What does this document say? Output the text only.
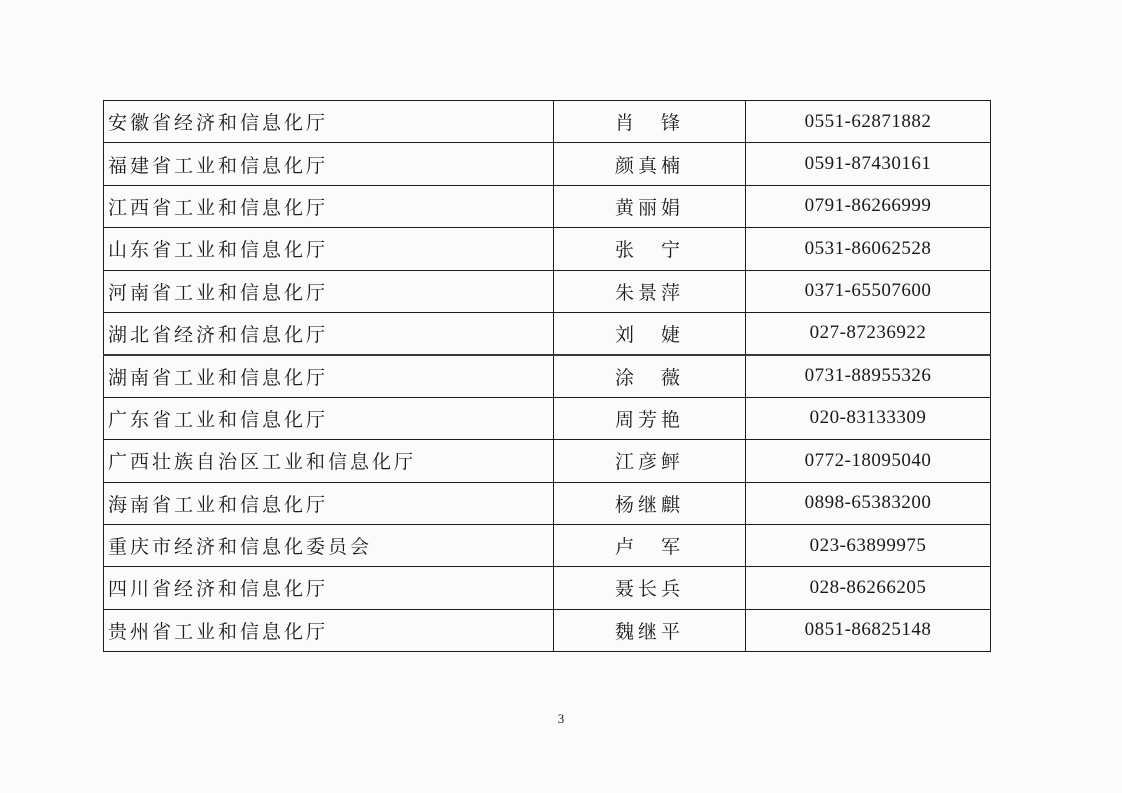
安徽省经济和信息化厅	肖　锋	0551-62871882
福建省工业和信息化厅	颜真楠	0591-87430161
江西省工业和信息化厅	黄丽娟	0791-86266999
山东省工业和信息化厅	张　宁	0531-86062528
河南省工业和信息化厅	朱景萍	0371-65507600
湖北省经济和信息化厅	刘　婕	027-87236922
湖南省工业和信息化厅	涂　薇	0731-88955326
广东省工业和信息化厅	周芳艳	020-83133309
广西壮族自治区工业和信息化厅	江彦鲆	0772-18095040
海南省工业和信息化厅	杨继麒	0898-65383200
重庆市经济和信息化委员会	卢　军	023-63899975
四川省经济和信息化厅	聂长兵	028-86266205
贵州省工业和信息化厅	魏继平	0851-86825148
3
